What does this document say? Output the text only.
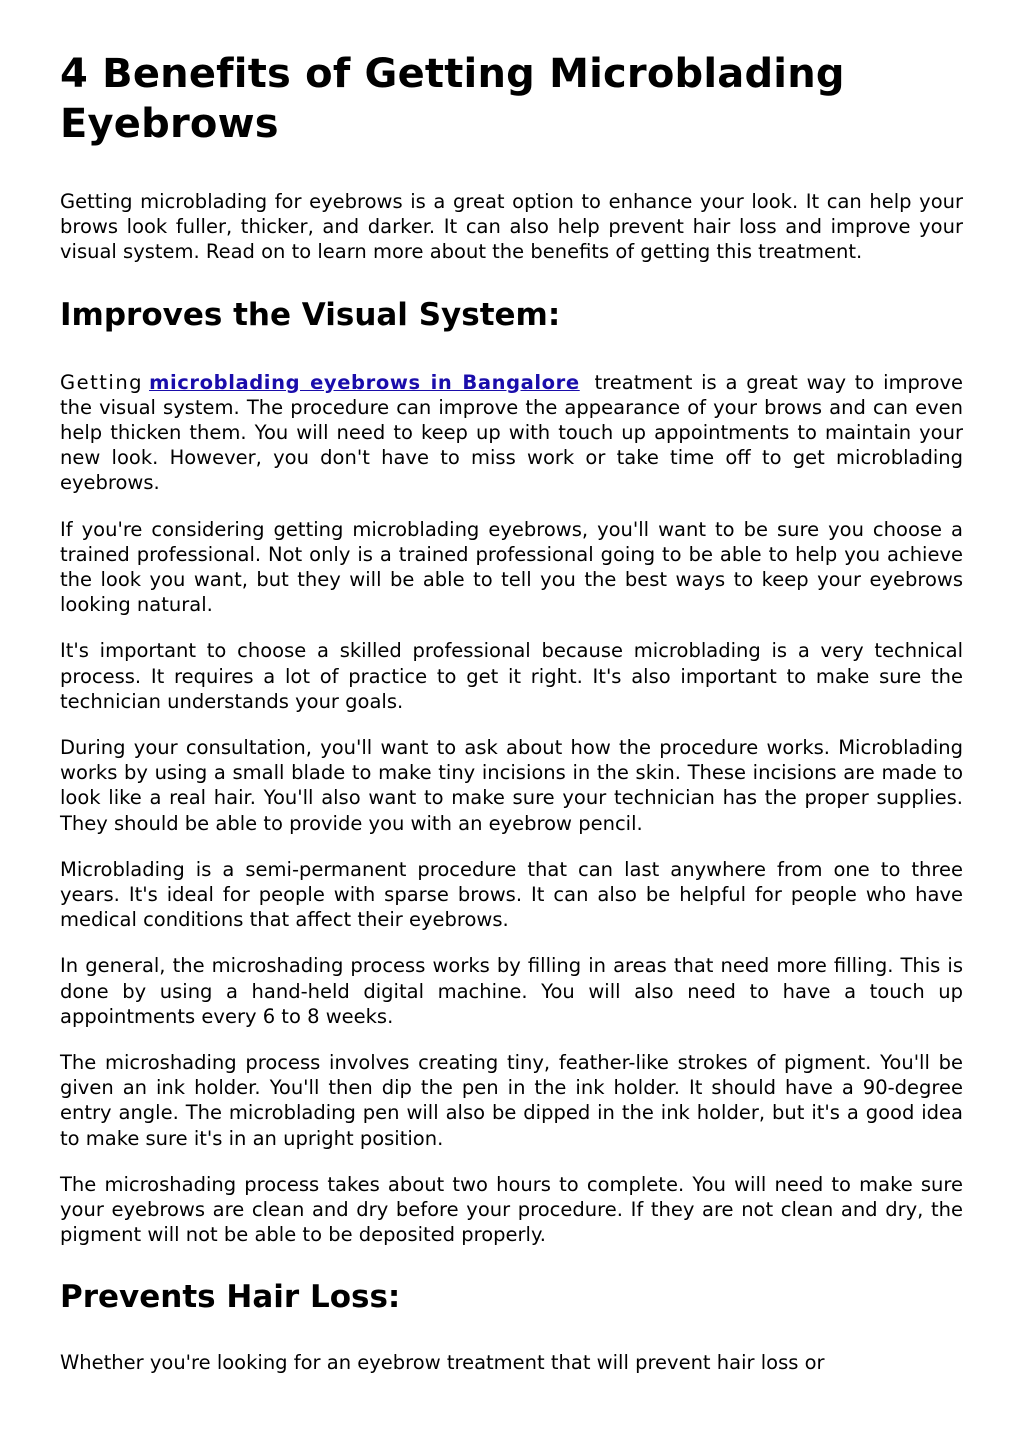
4 Benefits of Getting Microblading Eyebrows

Getting microblading for eyebrows is a great option to enhance your look. It can help your brows look fuller, thicker, and darker. It can also help prevent hair loss and improve your visual system. Read on to learn more about the benefits of getting this treatment.

Improves the Visual System:

Getting microblading eyebrows in Bangalore treatment is a great way to improve the visual system. The procedure can improve the appearance of your brows and can even help thicken them. You will need to keep up with touch up appointments to maintain your new look. However, you don't have to miss work or take time off to get microblading eyebrows.

If you're considering getting microblading eyebrows, you'll want to be sure you choose a trained professional. Not only is a trained professional going to be able to help you achieve the look you want, but they will be able to tell you the best ways to keep your eyebrows looking natural.

It's important to choose a skilled professional because microblading is a very technical process. It requires a lot of practice to get it right. It's also important to make sure the technician understands your goals.

During your consultation, you'll want to ask about how the procedure works. Microblading works by using a small blade to make tiny incisions in the skin. These incisions are made to look like a real hair. You'll also want to make sure your technician has the proper supplies. They should be able to provide you with an eyebrow pencil.

Microblading is a semi-permanent procedure that can last anywhere from one to three years. It's ideal for people with sparse brows. It can also be helpful for people who have medical conditions that affect their eyebrows.

In general, the microshading process works by filling in areas that need more filling. This is done by using a hand-held digital machine. You will also need to have a touch up appointments every 6 to 8 weeks.

The microshading process involves creating tiny, feather-like strokes of pigment. You'll be given an ink holder. You'll then dip the pen in the ink holder. It should have a 90-degree entry angle. The microblading pen will also be dipped in the ink holder, but it's a good idea to make sure it's in an upright position.

The microshading process takes about two hours to complete. You will need to make sure your eyebrows are clean and dry before your procedure. If they are not clean and dry, the pigment will not be able to be deposited properly.

Prevents Hair Loss:

Whether you're looking for an eyebrow treatment that will prevent hair loss or
